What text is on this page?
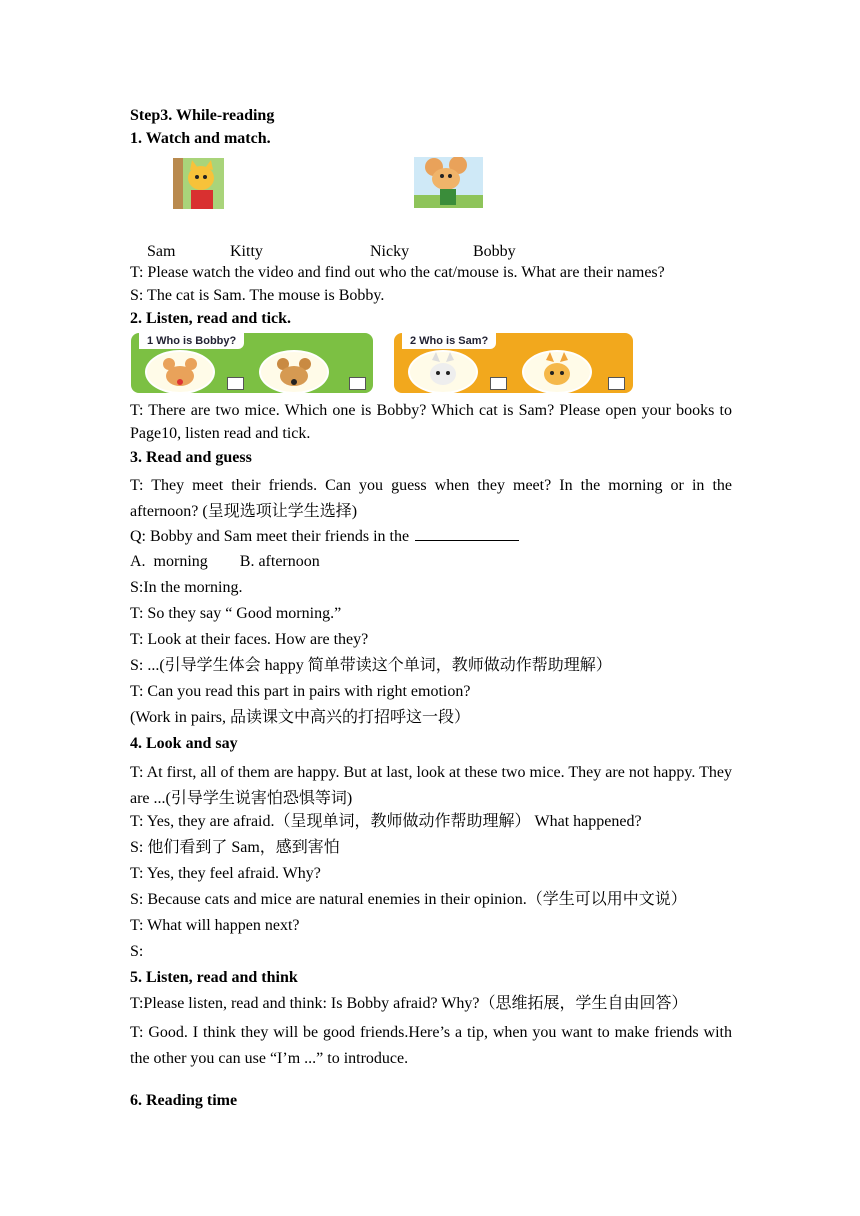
Step3. While-reading
1. Watch and match.
Sam	Kitty	Nicky	Bobby
T: Please watch the video and find out who the cat/mouse is. What are their names?
S: The cat is Sam. The mouse is Bobby.
2. Listen, read and tick.
1 Who is Bobby?	2 Who is Sam?
T: There are two mice. Which one is Bobby? Which cat is Sam? Please open your books to Page10, listen read and tick.
3. Read and guess
T: They meet their friends. Can you guess when they meet? In the morning or in the afternoon? (呈现选项让学生选择)
Q: Bobby and Sam meet their friends in the
A.  morning        B. afternoon
S:In the morning.
T: So they say “ Good morning.”
T: Look at their faces. How are they?
S: ...(引导学生体会 happy 简单带读这个单词，教师做动作帮助理解）
T: Can you read this part in pairs with right emotion?
(Work in pairs, 品读课文中高兴的打招呼这一段）
4. Look and say
T: At first, all of them are happy. But at last, look at these two mice. They are not happy. They are ...(引导学生说害怕恐惧等词)
T: Yes, they are afraid.（呈现单词，教师做动作帮助理解） What happened?
S: 他们看到了 Sam，感到害怕
T: Yes, they feel afraid. Why?
S: Because cats and mice are natural enemies in their opinion.（学生可以用中文说）
T: What will happen next?
S:
5. Listen, read and think
T:Please listen, read and think: Is Bobby afraid? Why?（思维拓展，学生自由回答）
T: Good. I think they will be good friends.Here’s a tip, when you want to make friends with the other you can use “I’m ...” to introduce.
6. Reading time
